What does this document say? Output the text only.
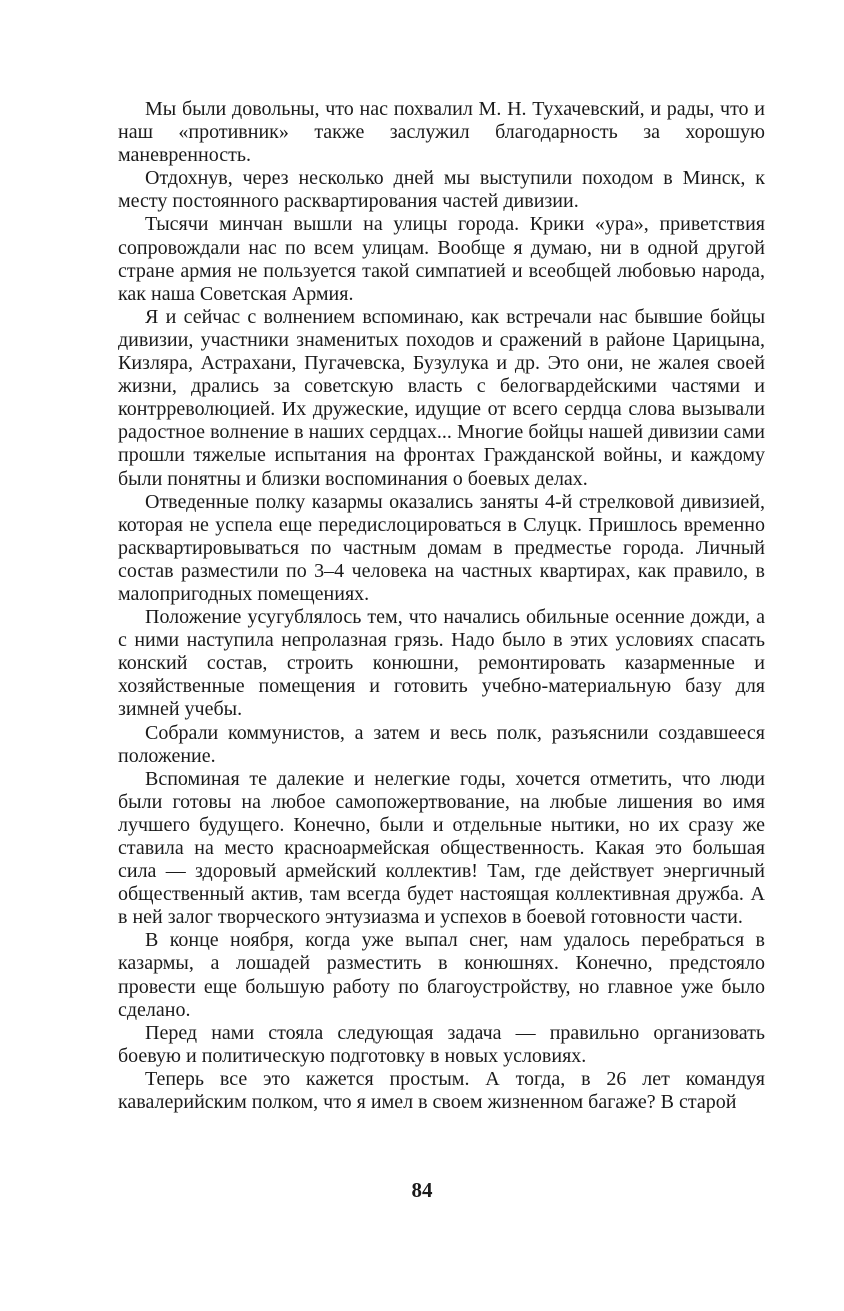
Мы были довольны, что нас похвалил М. Н. Тухачевский, и рады, что и наш «противник» также заслужил благодарность за хорошую маневренность.

Отдохнув, через несколько дней мы выступили походом в Минск, к месту постоянного расквартирования частей дивизии.

Тысячи минчан вышли на улицы города. Крики «ура», приветствия сопровождали нас по всем улицам. Вообще я думаю, ни в одной другой стране армия не пользуется такой симпатией и всеобщей любовью народа, как наша Советская Армия.

Я и сейчас с волнением вспоминаю, как встречали нас бывшие бойцы дивизии, участники знаменитых походов и сражений в районе Царицына, Кизляра, Астрахани, Пугачевска, Бузулука и др. Это они, не жалея своей жизни, дрались за советскую власть с белогвардейскими частями и контрреволюцией. Их дружеские, идущие от всего сердца слова вызывали радостное волнение в наших сердцах... Многие бойцы нашей дивизии сами прошли тяжелые испытания на фронтах Гражданской войны, и каждому были понятны и близки воспоминания о боевых делах.

Отведенные полку казармы оказались заняты 4-й стрелковой дивизией, которая не успела еще передислоцироваться в Слуцк. Пришлось временно расквартировываться по частным домам в предместье города. Личный состав разместили по 3–4 человека на частных квартирах, как правило, в малопригодных помещениях.

Положение усугублялось тем, что начались обильные осенние дожди, а с ними наступила непролазная грязь. Надо было в этих условиях спасать конский состав, строить конюшни, ремонтировать казарменные и хозяйственные помещения и готовить учебно-материальную базу для зимней учебы.

Собрали коммунистов, а затем и весь полк, разъяснили создавшееся положение.

Вспоминая те далекие и нелегкие годы, хочется отметить, что люди были готовы на любое самопожертвование, на любые лишения во имя лучшего будущего. Конечно, были и отдельные нытики, но их сразу же ставила на место красноармейская общественность. Какая это большая сила — здоровый армейский коллектив! Там, где действует энергичный общественный актив, там всегда будет настоящая коллективная дружба. А в ней залог творческого энтузиазма и успехов в боевой готовности части.

В конце ноября, когда уже выпал снег, нам удалось перебраться в казармы, а лошадей разместить в конюшнях. Конечно, предстояло провести еще большую работу по благоустройству, но главное уже было сделано.

Перед нами стояла следующая задача — правильно организовать боевую и политическую подготовку в новых условиях.

Теперь все это кажется простым. А тогда, в 26 лет командуя кавалерийским полком, что я имел в своем жизненном багаже? В старой

84
